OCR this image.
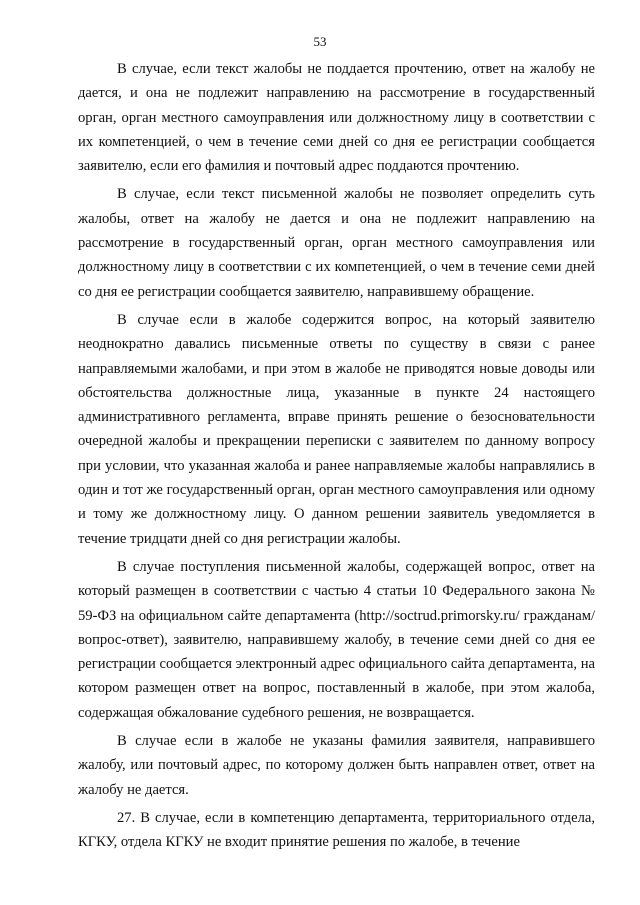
53

В случае, если текст жалобы не поддается прочтению, ответ на жалобу не дается, и она не подлежит направлению на рассмотрение в государственный орган, орган местного самоуправления или должностному лицу в соответствии с их компетенцией, о чем в течение семи дней со дня ее регистрации сообщается заявителю, если его фамилия и почтовый адрес поддаются прочтению.

В случае, если текст письменной жалобы не позволяет определить суть жалобы, ответ на жалобу не дается и она не подлежит направлению на рассмотрение в государственный орган, орган местного самоуправления или должностному лицу в соответствии с их компетенцией, о чем в течение семи дней со дня ее регистрации сообщается заявителю, направившему обращение.

В случае если в жалобе содержится вопрос, на который заявителю неоднократно давались письменные ответы по существу в связи с ранее направляемыми жалобами, и при этом в жалобе не приводятся новые доводы или обстоятельства должностные лица, указанные в пункте 24 настоящего административного регламента, вправе принять решение о безосновательности очередной жалобы и прекращении переписки с заявителем по данному вопросу при условии, что указанная жалоба и ранее направляемые жалобы направлялись в один и тот же государственный орган, орган местного самоуправления или одному и тому же должностному лицу. О данном решении заявитель уведомляется в течение тридцати дней со дня регистрации жалобы.

В случае поступления письменной жалобы, содержащей вопрос, ответ на который размещен в соответствии с частью 4 статьи 10 Федерального закона № 59-ФЗ на официальном сайте департамента (http://soctrud.primorsky.ru/ гражданам/вопрос-ответ), заявителю, направившему жалобу, в течение семи дней со дня ее регистрации сообщается электронный адрес официального сайта департамента, на котором размещен ответ на вопрос, поставленный в жалобе, при этом жалоба, содержащая обжалование судебного решения, не возвращается.

В случае если в жалобе не указаны фамилия заявителя, направившего жалобу, или почтовый адрес, по которому должен быть направлен ответ, ответ на жалобу не дается.

27. В случае, если в компетенцию департамента, территориального отдела, КГКУ, отдела КГКУ не входит принятие решения по жалобе, в течение
